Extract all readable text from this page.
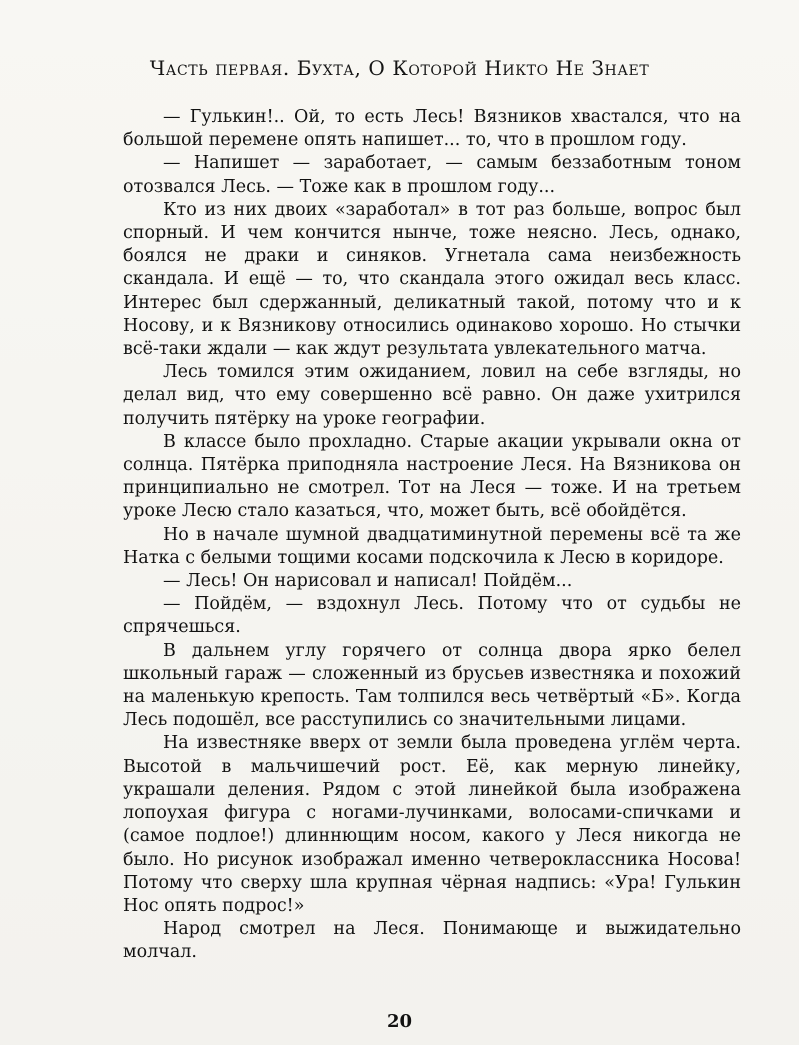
Часть первая. Бухта, О Которой Никто Не Знает

— Гулькин!.. Ой, то есть Лесь! Вязников хвастался, что на большой перемене опять напишет... то, что в прошлом году.

— Напишет — заработает, — самым беззаботным тоном отозвался Лесь. — Тоже как в прошлом году...

Кто из них двоих «заработал» в тот раз больше, вопрос был спорный. И чем кончится нынче, тоже неясно. Лесь, однако, боялся не драки и синяков. Угнетала сама неизбежность скандала. И ещё — то, что скандала этого ожидал весь класс. Интерес был сдержанный, деликатный такой, потому что и к Носову, и к Вязникову относились одинаково хорошо. Но стычки всё-таки ждали — как ждут результата увлекательного матча.

Лесь томился этим ожиданием, ловил на себе взгляды, но делал вид, что ему совершенно всё равно. Он даже ухитрился получить пятёрку на уроке географии.

В классе было прохладно. Старые акации укрывали окна от солнца. Пятёрка приподняла настроение Леся. На Вязникова он принципиально не смотрел. Тот на Леся — тоже. И на третьем уроке Лесю стало казаться, что, может быть, всё обойдётся.

Но в начале шумной двадцатиминутной перемены всё та же Натка с белыми тощими косами подскочила к Лесю в коридоре.

— Лесь! Он нарисовал и написал! Пойдём...

— Пойдём, — вздохнул Лесь. Потому что от судьбы не спрячешься.

В дальнем углу горячего от солнца двора ярко белел школьный гараж — сложенный из брусьев известняка и похожий на маленькую крепость. Там толпился весь четвёртый «Б». Когда Лесь подошёл, все расступились со значительными лицами.

На известняке вверх от земли была проведена углём черта. Высотой в мальчишечий рост. Её, как мерную линейку, украшали деления. Рядом с этой линейкой была изображена лопоухая фигура с ногами-лучинками, волосами-спичками и (самое подлое!) длиннющим носом, какого у Леся никогда не было. Но рисунок изображал именно четвероклассника Носова! Потому что сверху шла крупная чёрная надпись: «Ура! Гулькин Нос опять подрос!»

Народ смотрел на Леся. Понимающе и выжидательно молчал.

20
